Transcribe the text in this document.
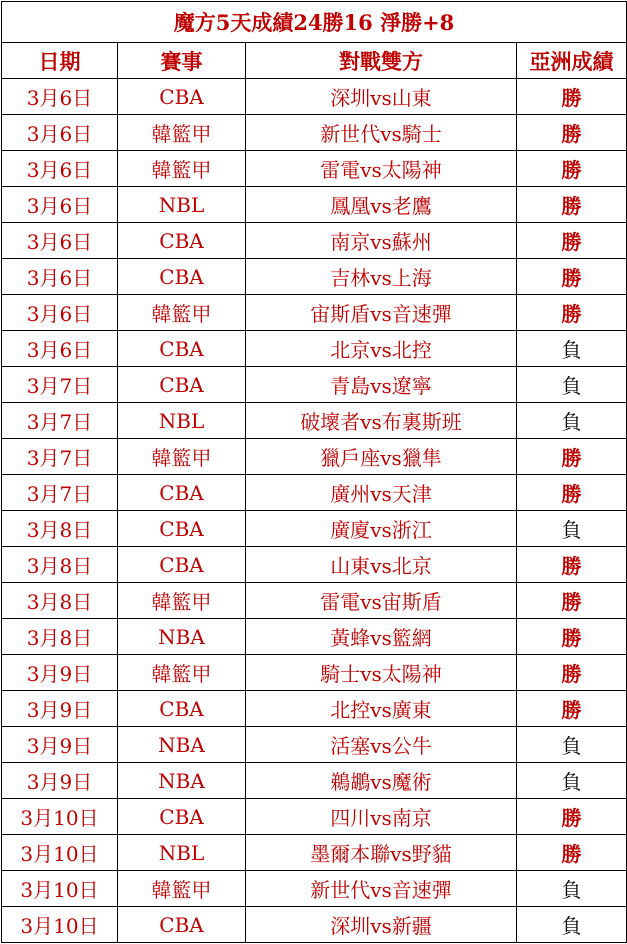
魔方5天成績24勝16 淨勝+8			
日期	賽事	對戰雙方	亞洲成績
3月6日	CBA	深圳vs山東	勝
3月6日	韓籃甲	新世代vs騎士	勝
3月6日	韓籃甲	雷電vs太陽神	勝
3月6日	NBL	鳳凰vs老鷹	勝
3月6日	CBA	南京vs蘇州	勝
3月6日	CBA	吉林vs上海	勝
3月6日	韓籃甲	宙斯盾vs音速彈	勝
3月6日	CBA	北京vs北控	負
3月7日	CBA	青島vs遼寧	負
3月7日	NBL	破壞者vs布裏斯班	負
3月7日	韓籃甲	獵戶座vs獵隼	勝
3月7日	CBA	廣州vs天津	勝
3月8日	CBA	廣廈vs浙江	負
3月8日	CBA	山東vs北京	勝
3月8日	韓籃甲	雷電vs宙斯盾	勝
3月8日	NBA	黃蜂vs籃網	勝
3月9日	韓籃甲	騎士vs太陽神	勝
3月9日	CBA	北控vs廣東	勝
3月9日	NBA	活塞vs公牛	負
3月9日	NBA	鵜鶘vs魔術	負
3月10日	CBA	四川vs南京	勝
3月10日	NBL	墨爾本聯vs野貓	勝
3月10日	韓籃甲	新世代vs音速彈	負
3月10日	CBA	深圳vs新疆	負
